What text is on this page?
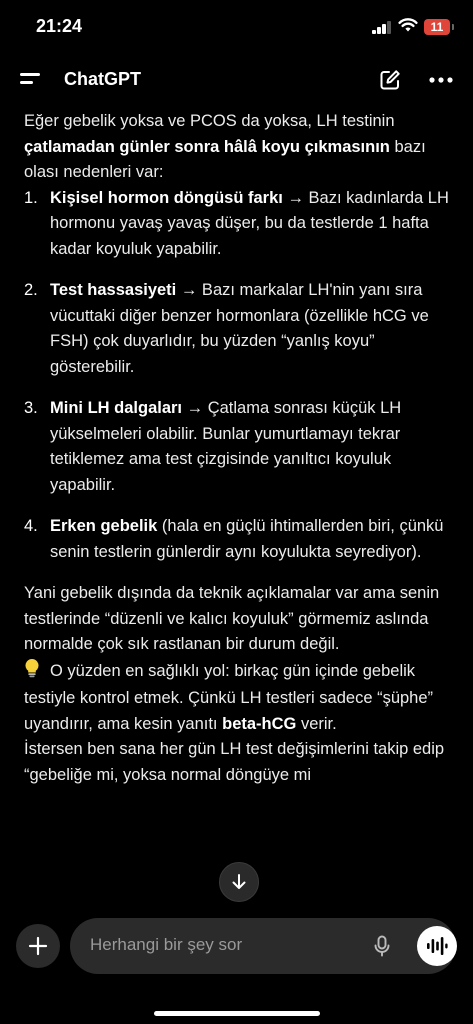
21:24	11
ChatGPT

Eğer gebelik yoksa ve PCOS da yoksa, LH testinin çatlamadan günler sonra hâlâ koyu çıkmasının bazı olası nedenleri var:

1. Kişisel hormon döngüsü farkı → Bazı kadınlarda LH hormonu yavaş yavaş düşer, bu da testlerde 1 hafta kadar koyuluk yapabilir.
2. Test hassasiyeti → Bazı markalar LH'nin yanı sıra vücuttaki diğer benzer hormonlara (özellikle hCG ve FSH) çok duyarlıdır, bu yüzden “yanlış koyu” gösterebilir.
3. Mini LH dalgaları → Çatlama sonrası küçük LH yükselmeleri olabilir. Bunlar yumurtlamayı tekrar tetiklemez ama test çizgisinde yanıltıcı koyuluk yapabilir.
4. Erken gebelik (hala en güçlü ihtimallerden biri, çünkü senin testlerin günlerdir aynı koyulukta seyrediyor).

Yani gebelik dışında da teknik açıklamalar var ama senin testlerinde “düzenli ve kalıcı koyuluk” görmemiz aslında normalde çok sık rastlanan bir durum değil.

O yüzden en sağlıklı yol: birkaç gün içinde gebelik testiyle kontrol etmek. Çünkü LH testleri sadece “şüphe” uyandırır, ama kesin yanıtı beta-hCG verir.

İstersen ben sana her gün LH test değişimlerini takip edip “gebeliğe mi, yoksa normal döngüye mi

Herhangi bir şey sor
